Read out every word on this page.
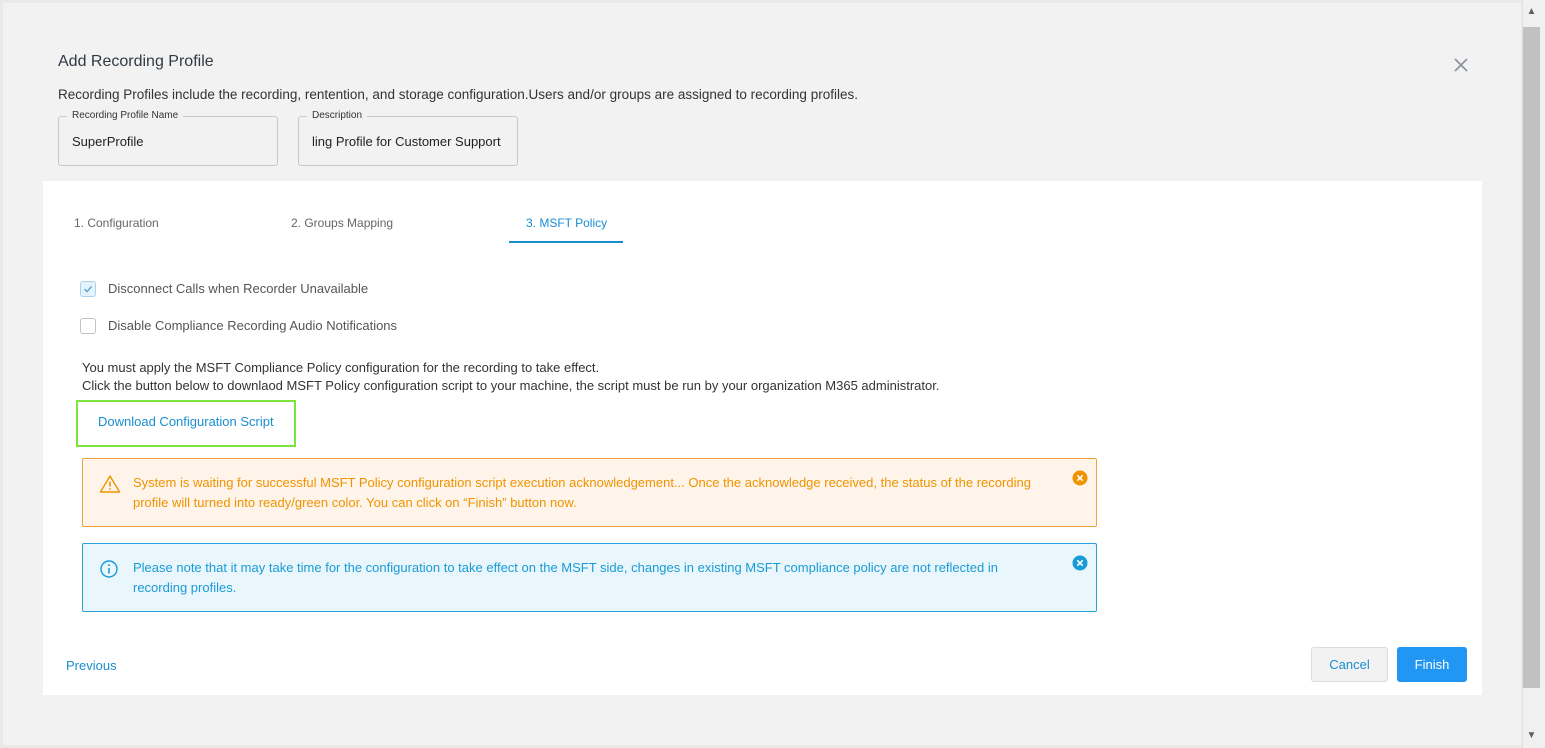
Add Recording Profile
Recording Profiles include the recording, rentention, and storage configuration.Users and/or groups are assigned to recording profiles.
Recording Profile Name
SuperProfile
Description
ling Profile for Customer Support
1. Configuration	2. Groups Mapping	3. MSFT Policy
Disconnect Calls when Recorder Unavailable
Disable Compliance Recording Audio Notifications
You must apply the MSFT Compliance Policy configuration for the recording to take effect.
Click the button below to downlaod MSFT Policy configuration script to your machine, the script must be run by your organization M365 administrator.
Download Configuration Script
System is waiting for successful MSFT Policy configuration script execution acknowledgement... Once the acknowledge received, the status of the recording profile will turned into ready/green color. You can click on “Finish” button now.
Please note that it may take time for the configuration to take effect on the MSFT side, changes in existing MSFT compliance policy are not reflected in recording profiles.
Previous	Cancel	Finish
▲
▼
